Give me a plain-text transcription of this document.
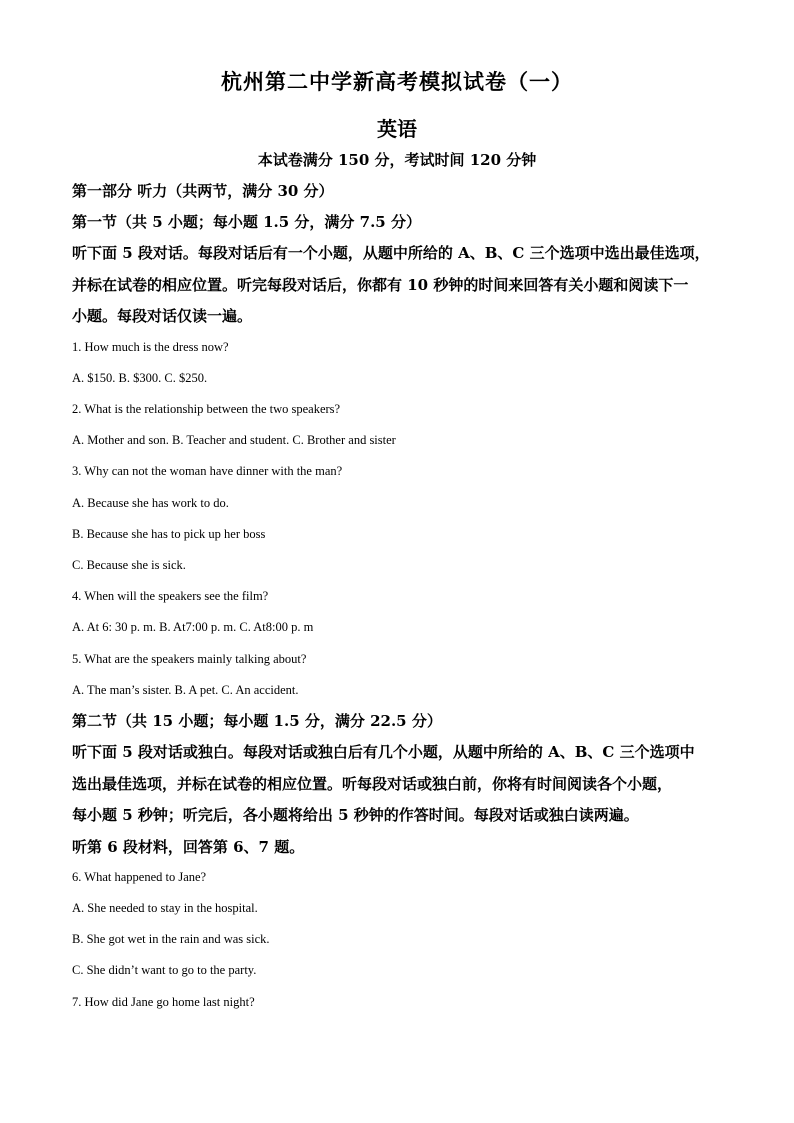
杭州第二中学新高考模拟试卷（一）
英语
本试卷满分 150 分，考试时间 120 分钟
第一部分 听力（共两节，满分 30 分）
第一节（共 5 小题；每小题 1.5 分，满分 7.5 分）
听下面 5 段对话。每段对话后有一个小题，从题中所给的 A、B、C 三个选项中选出最佳选项，
并标在试卷的相应位置。听完每段对话后，你都有 10 秒钟的时间来回答有关小题和阅读下一
小题。每段对话仅读一遍。
1. How much is the dress now?
A. $150. B. $300. C. $250.
2. What is the relationship between the two speakers?
A. Mother and son. B. Teacher and student. C. Brother and sister
3. Why can not the woman have dinner with the man?
A. Because she has work to do.
B. Because she has to pick up her boss
C. Because she is sick.
4. When will the speakers see the film?
A. At 6: 30 p. m. B. At7:00 p. m. C. At8:00 p. m
5. What are the speakers mainly talking about?
A. The man’s sister. B. A pet. C. An accident.
第二节（共 15 小题；每小题 1.5 分，满分 22.5 分）
听下面 5 段对话或独白。每段对话或独白后有几个小题，从题中所给的 A、B、C 三个选项中
选出最佳选项，并标在试卷的相应位置。听每段对话或独白前，你将有时间阅读各个小题，
每小题 5 秒钟；听完后，各小题将给出 5 秒钟的作答时间。每段对话或独白读两遍。
听第 6 段材料，回答第 6、7 题。
6. What happened to Jane?
A. She needed to stay in the hospital.
B. She got wet in the rain and was sick.
C. She didn’t want to go to the party.
7. How did Jane go home last night?
